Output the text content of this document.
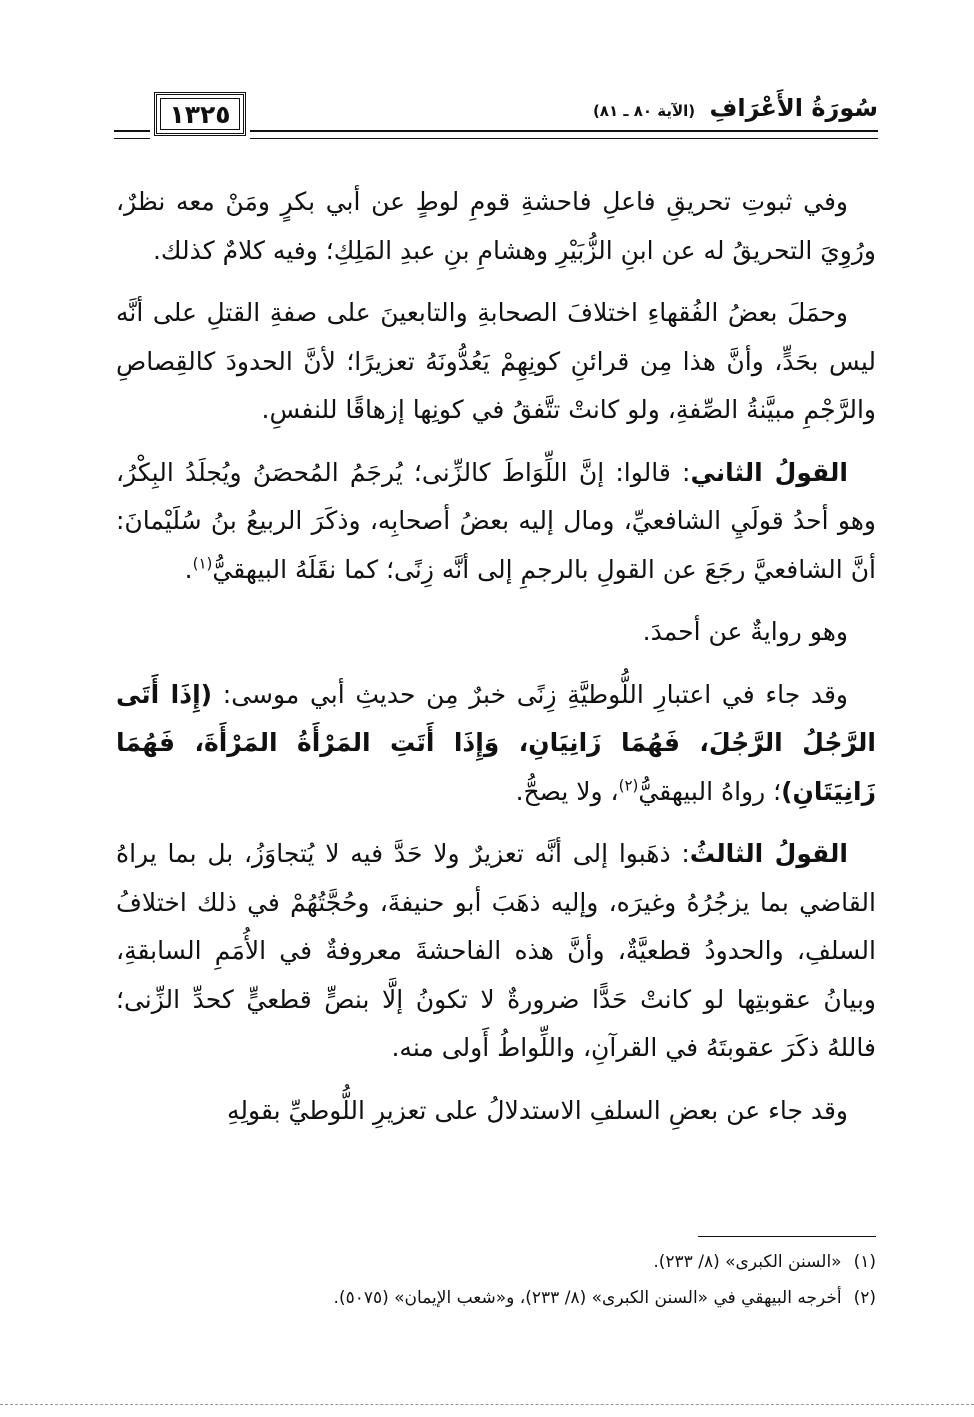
١٣٢٥	سُورَةُ الأَعْرَافِ (الآية ٨٠ ـ ٨١)

وفي ثبوتِ تحريقِ فاعلِ فاحشةِ قومِ لوطٍ عن أبي بكرٍ ومَنْ معه نظرٌ، ورُوِيَ التحريقُ له عن ابنِ الزُّبَيْرِ وهشامِ بنِ عبدِ المَلِكِ؛ وفيه كلامٌ كذلك.

وحمَلَ بعضُ الفُقهاءِ اختلافَ الصحابةِ والتابعينَ على صفةِ القتلِ على أنَّه ليس بحَدٍّ، وأنَّ هذا مِن قرائنِ كونِهِمْ يَعُدُّونَهُ تعزيرًا؛ لأنَّ الحدودَ كالقِصاصِ والرَّجْمِ مبيَّنةُ الصِّفةِ، ولو كانتْ تتَّفقُ في كونِها إزهاقًا للنفسِ.

القولُ الثاني: قالوا: إنَّ اللِّوَاطَ كالزِّنى؛ يُرجَمُ المُحصَنُ ويُجلَدُ البِكْرُ، وهو أحدُ قولَيِ الشافعيِّ، ومال إليه بعضُ أصحابِه، وذكَرَ الربيعُ بنُ سُلَيْمانَ: أنَّ الشافعيَّ رجَعَ عن القولِ بالرجمِ إلى أنَّه زِنًى؛ كما نقَلَهُ البيهقيُّ$^{(١)}$.

وهو روايةٌ عن أحمدَ.

وقد جاء في اعتبارِ اللُّوطيَّةِ زِنًى خبرٌ مِن حديثِ أبي موسى: (إِذَا أَتَى الرَّجُلُ الرَّجُلَ، فَهُمَا زَانِيَانِ، وَإِذَا أَتَتِ المَرْأَةُ المَرْأَةَ، فَهُمَا زَانِيَتَانِ)؛ رواهُ البيهقيُّ$^{(٢)}$، ولا يصحُّ.

القولُ الثالثُ: ذهَبوا إلى أنَّه تعزيرٌ ولا حَدَّ فيه لا يُتجاوَزُ، بل بما يراهُ القاضي بما يزجُرُهُ وغيرَه، وإليه ذهَبَ أبو حنيفةَ، وحُجَّتُهُمْ في ذلك اختلافُ السلفِ، والحدودُ قطعيَّةٌ، وأنَّ هذه الفاحشةَ معروفةٌ في الأُمَمِ السابقةِ، وبيانُ عقوبتِها لو كانتْ حَدًّا ضرورةٌ لا تكونُ إلَّا بنصٍّ قطعيٍّ كحدِّ الزِّنى؛ فاللهُ ذكَرَ عقوبتَهُ في القرآنِ، واللِّواطُ أَولى منه.

وقد جاء عن بعضِ السلفِ الاستدلالُ على تعزيرِ اللُّوطيِّ بقولِهِ

(١)«السنن الكبرى» (٨/ ٢٣٣).
(٢)أخرجه البيهقي في «السنن الكبرى» (٨/ ٢٣٣)، و«شعب الإيمان» (٥٠٧٥).
